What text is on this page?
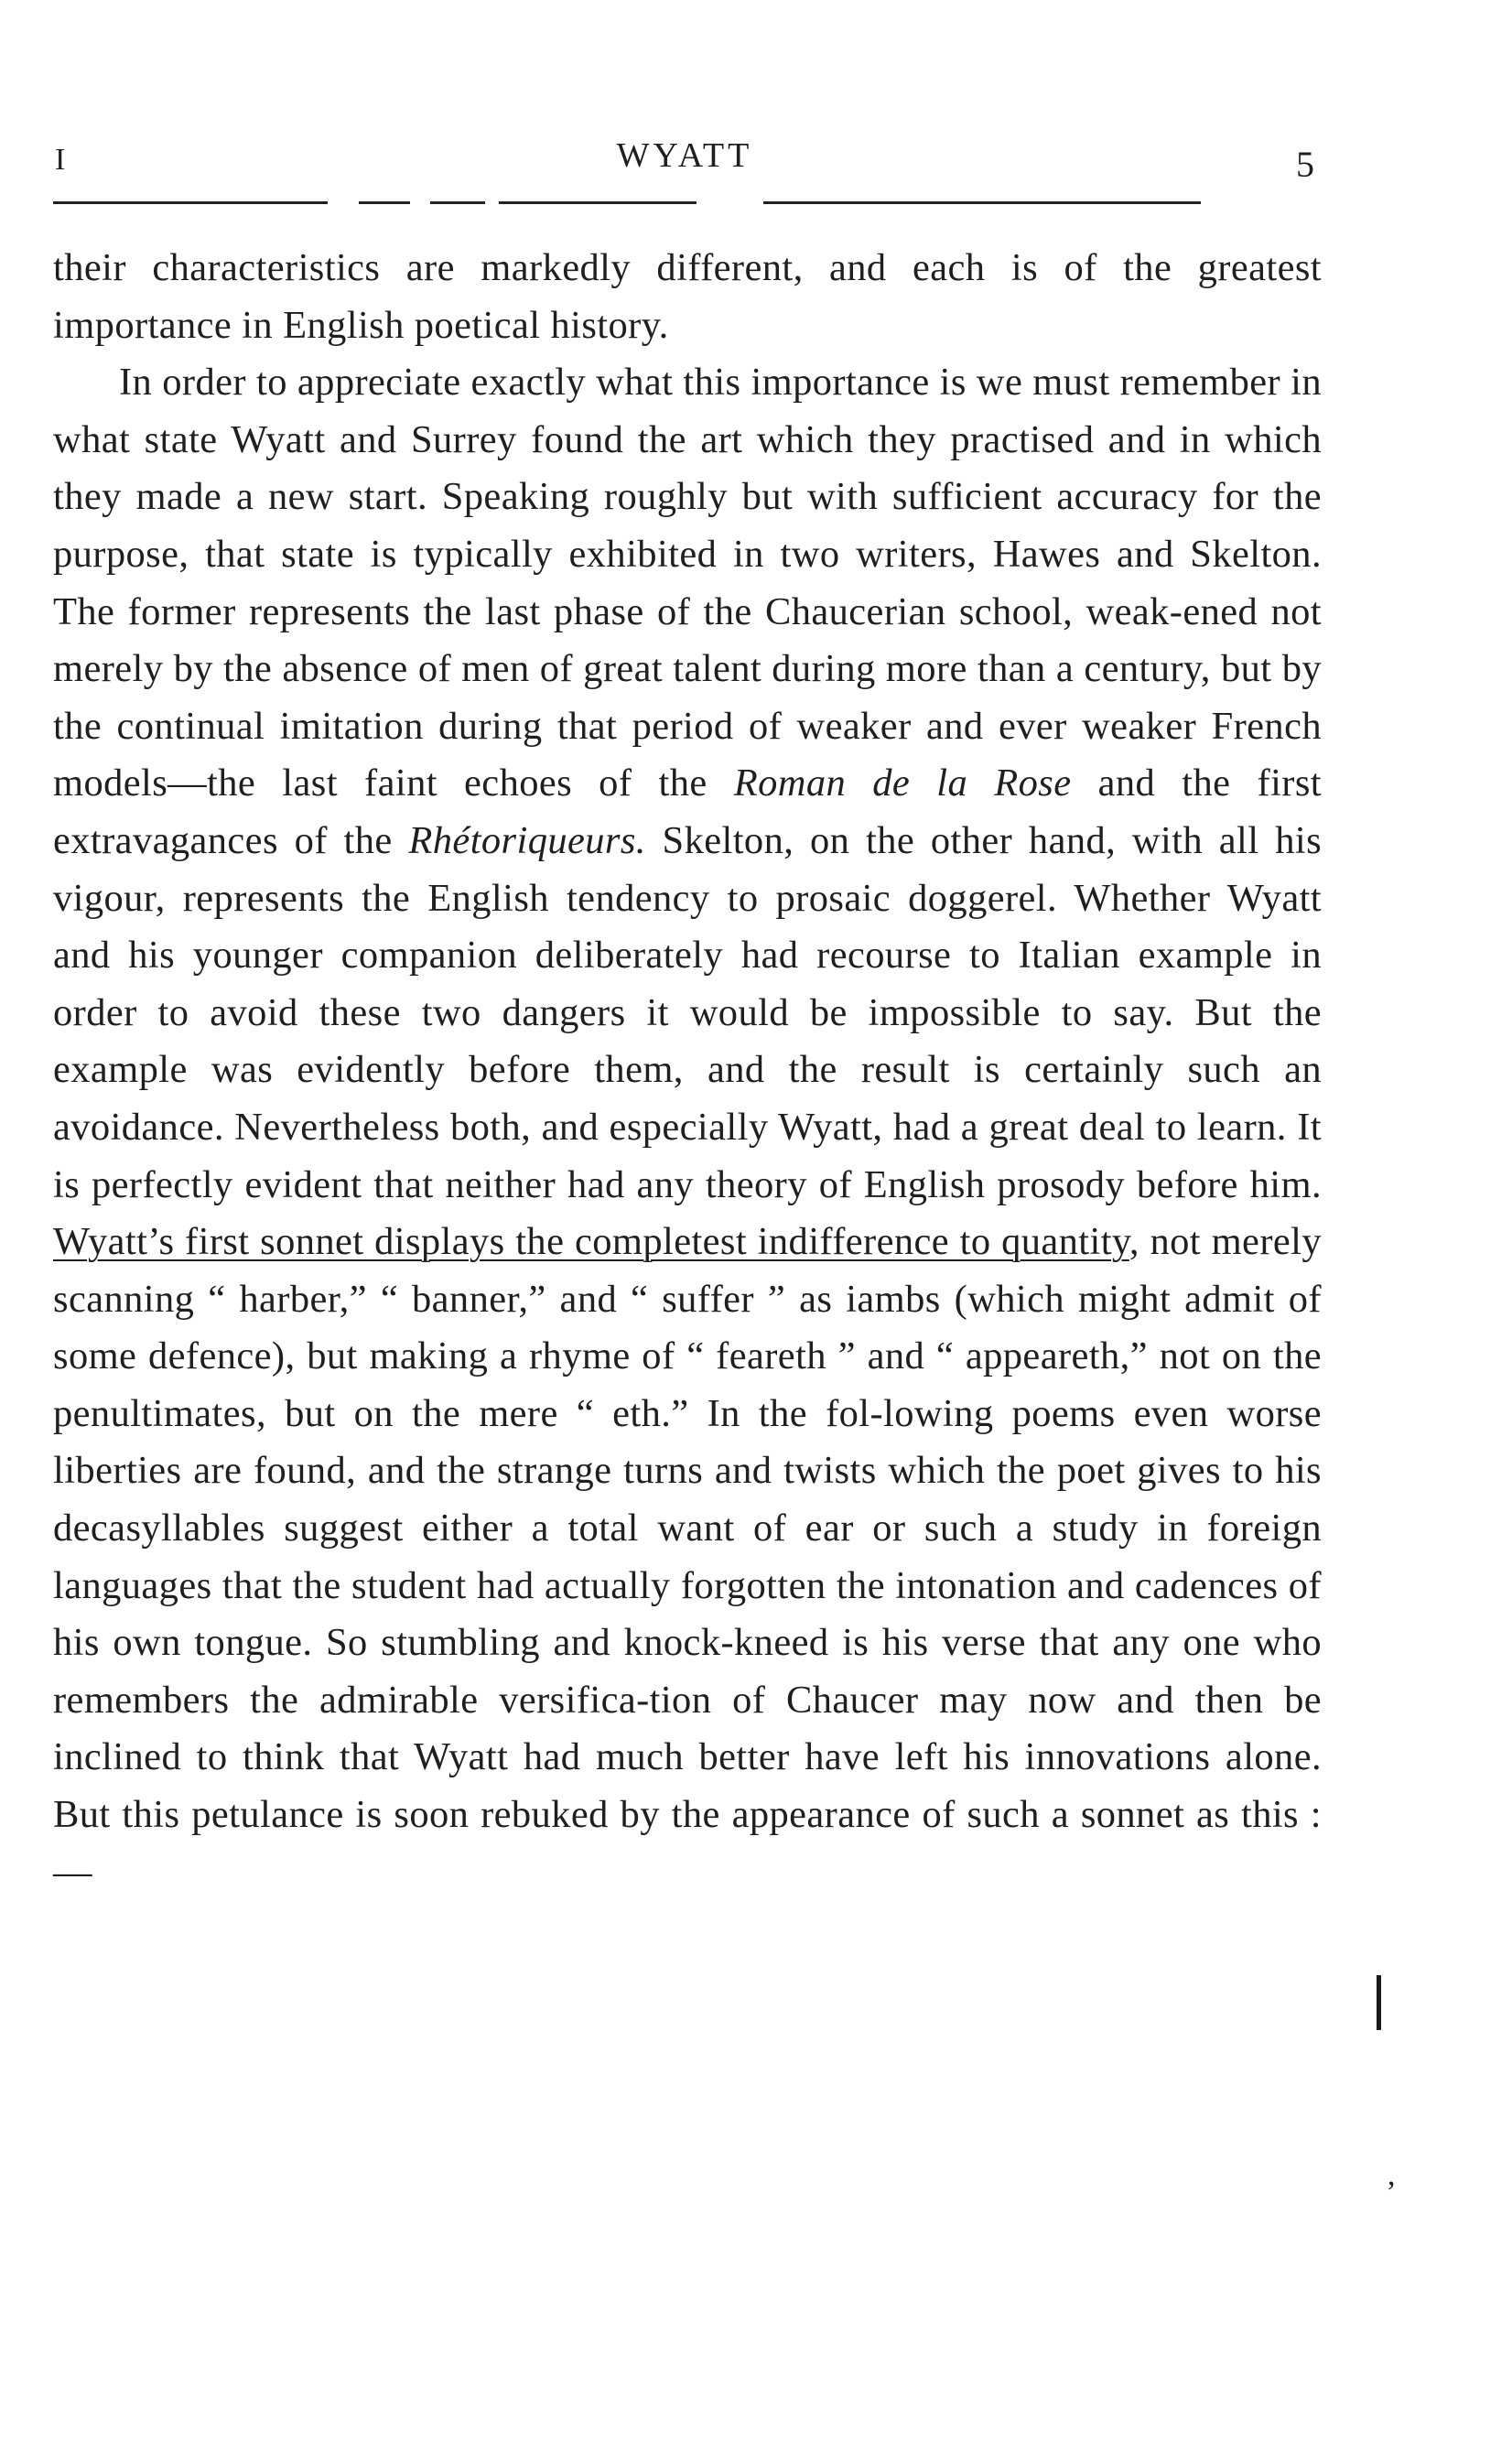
I	WYATT	5

their characteristics are markedly different, and each is of the greatest importance in English poetical history.

In order to appreciate exactly what this importance is we must remember in what state Wyatt and Surrey found the art which they practised and in which they made a new start. Speaking roughly but with sufficient accuracy for the purpose, that state is typically exhibited in two writers, Hawes and Skelton. The former represents the last phase of the Chaucerian school, weak-ened not merely by the absence of men of great talent during more than a century, but by the continual imitation during that period of weaker and ever weaker French models—the last faint echoes of the Roman de la Rose and the first extravagances of the Rhétoriqueurs. Skelton, on the other hand, with all his vigour, represents the English tendency to prosaic doggerel. Whether Wyatt and his younger companion deliberately had recourse to Italian example in order to avoid these two dangers it would be impossible to say. But the example was evidently before them, and the result is certainly such an avoidance. Nevertheless both, and especially Wyatt, had a great deal to learn. It is perfectly evident that neither had any theory of English prosody before him. Wyatt’s first sonnet displays the completest indifference to quantity, not merely scanning “ harber,” “ banner,” and “ suffer ” as iambs (which might admit of some defence), but making a rhyme of “ feareth ” and “ appeareth,” not on the penultimates, but on the mere “ eth.” In the fol-lowing poems even worse liberties are found, and the strange turns and twists which the poet gives to his decasyllables suggest either a total want of ear or such a study in foreign languages that the student had actually forgotten the intonation and cadences of his own tongue. So stumbling and knock-kneed is his verse that any one who remembers the admirable versifica-tion of Chaucer may now and then be inclined to think that Wyatt had much better have left his innovations alone. But this petulance is soon rebuked by the appearance of such a sonnet as this :—

,
